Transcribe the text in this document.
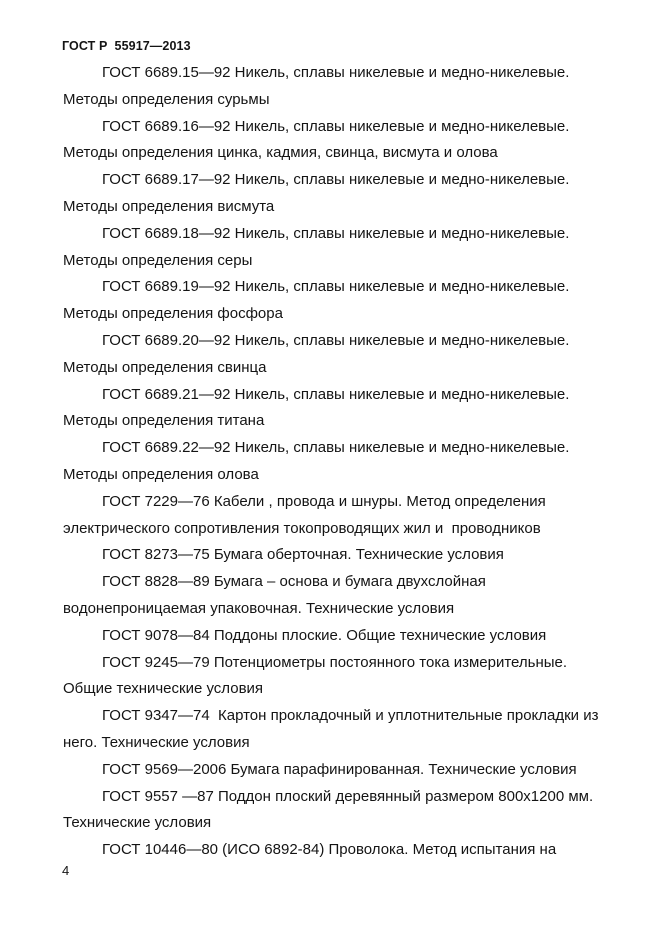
ГОСТ Р  55917—2013

ГОСТ 6689.15—92 Никель, сплавы никелевые и медно-никелевые.

Методы определения сурьмы

ГОСТ 6689.16—92 Никель, сплавы никелевые и медно-никелевые.

Методы определения цинка, кадмия, свинца, висмута и олова

ГОСТ 6689.17—92 Никель, сплавы никелевые и медно-никелевые.

Методы определения висмута

ГОСТ 6689.18—92 Никель, сплавы никелевые и медно-никелевые.

Методы определения серы

ГОСТ 6689.19—92 Никель, сплавы никелевые и медно-никелевые.

Методы определения фосфора

ГОСТ 6689.20—92 Никель, сплавы никелевые и медно-никелевые.

Методы определения свинца

ГОСТ 6689.21—92 Никель, сплавы никелевые и медно-никелевые.

Методы определения титана

ГОСТ 6689.22—92 Никель, сплавы никелевые и медно-никелевые.

Методы определения олова

ГОСТ 7229—76 Кабели , провода и шнуры. Метод определения

электрического сопротивления токопроводящих жил и  проводников

ГОСТ 8273—75 Бумага оберточная. Технические условия

ГОСТ 8828—89 Бумага – основа и бумага двухслойная

водонепроницаемая упаковочная. Технические условия

ГОСТ 9078—84 Поддоны плоские. Общие технические условия

ГОСТ 9245—79 Потенциометры постоянного тока измерительные.

Общие технические условия

ГОСТ 9347—74  Картон прокладочный и уплотнительные прокладки из

него. Технические условия

ГОСТ 9569—2006 Бумага парафинированная. Технические условия

ГОСТ 9557 —87 Поддон плоский деревянный размером 800х1200 мм.

Технические условия

ГОСТ 10446—80 (ИСО 6892-84) Проволока. Метод испытания на

4
